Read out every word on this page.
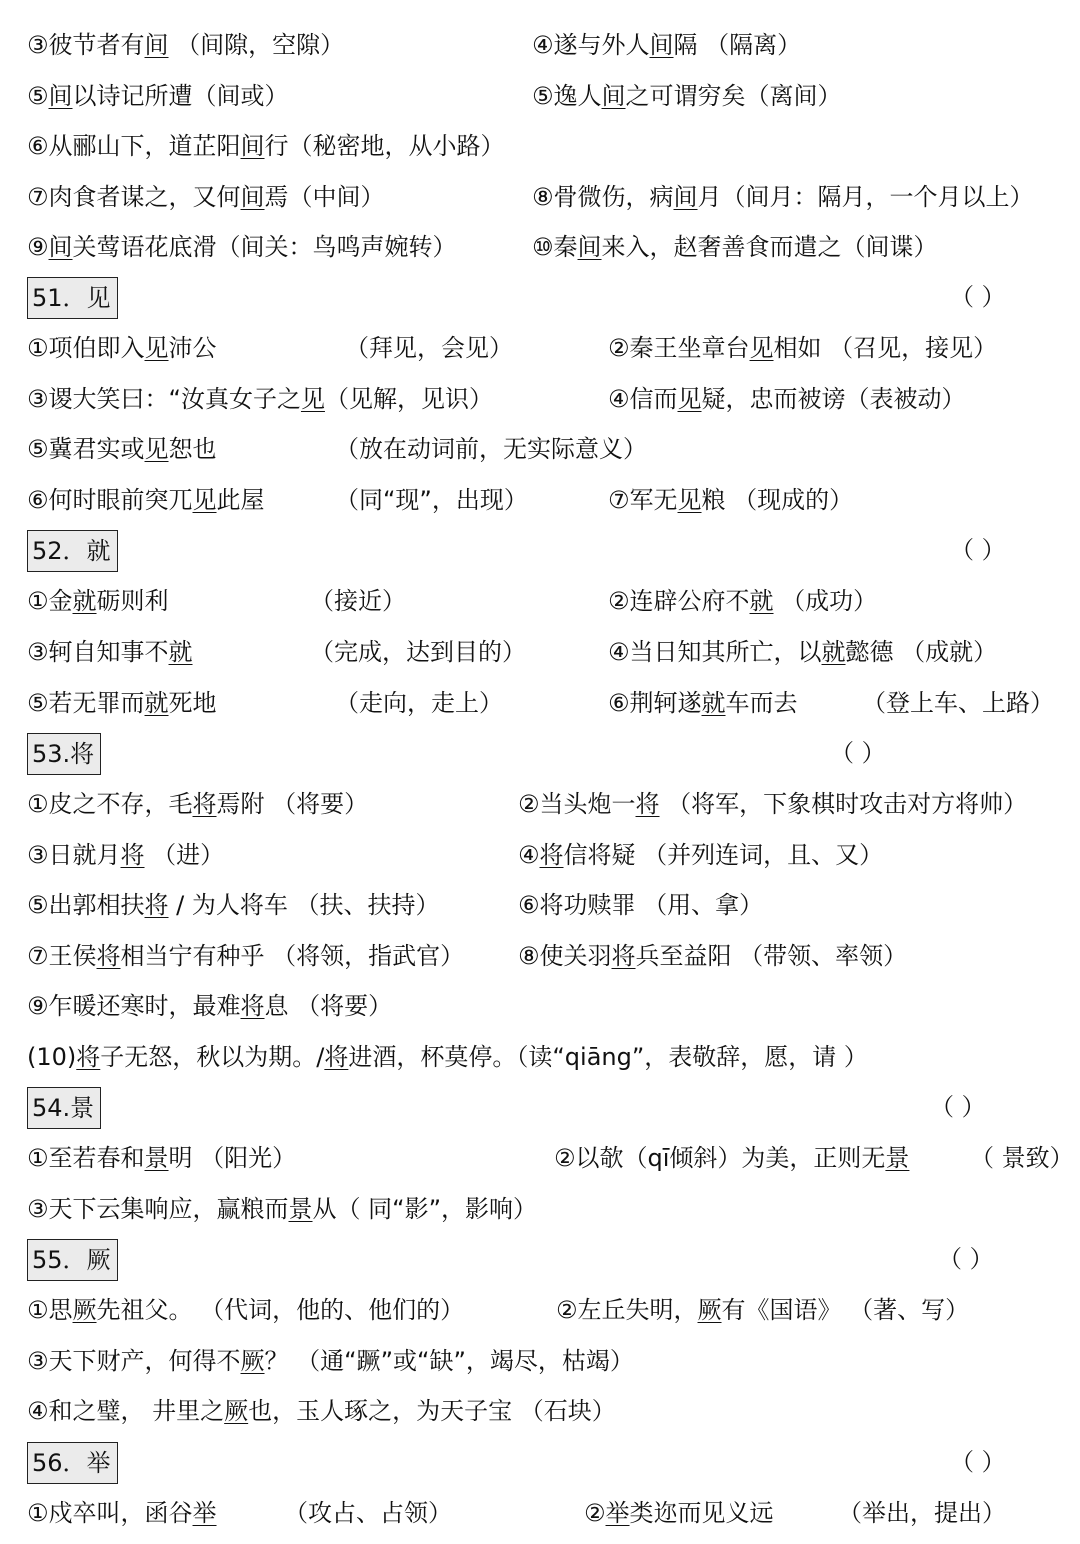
③彼节者有间 （间隙，空隙）	④遂与外人间隔 （隔离）
⑤间以诗记所遭（间或）	⑤逸人间之可谓穷矣（离间）
⑥从郦山下，道芷阳间行（秘密地，从小路）
⑦肉食者谋之，又何间焉（中间）	⑧骨微伤，病间月（间月：隔月，一个月以上）
⑨间关莺语花底滑（间关：鸟鸣声婉转）	⑩秦间来入，赵奢善食而遣之（间谍）
51．见	（ ）
①项伯即入见沛公	（拜见，会见）	②秦王坐章台见相如 （召见，接见）
③谡大笑曰：“汝真女子之见（见解，见识）	④信而见疑，忠而被谤（表被动）
⑤冀君实或见恕也	（放在动词前，无实际意义）
⑥何时眼前突兀见此屋	（同“现”，出现）	⑦军无见粮 （现成的）
52．就	（ ）
①金就砺则利	（接近）	②连辟公府不就 （成功）
③轲自知事不就	（完成，达到目的）	④当日知其所亡，以就懿德 （成就）
⑤若无罪而就死地	（走向，走上）	⑥荆轲遂就车而去	（登上车、上路）
53.将	（ ）
①皮之不存，毛将焉附 （将要）	②当头炮一将 （将军，下象棋时攻击对方将帅）
③日就月将 （进）	④将信将疑 （并列连词，且、又）
⑤出郭相扶将 / 为人将车 （扶、扶持）	⑥将功赎罪 （用、拿）
⑦王侯将相当宁有种乎 （将领，指武官） ⑧使关羽将兵至益阳 （带领、率领）
⑨乍暖还寒时，最难将息 （将要）
(10)将子无怒，秋以为期。/将进酒，杯莫停。（读“qiāng”，表敬辞，愿，请 ）
54.景	（ ）
①至若春和景明 （阳光）	②以欹（qī倾斜）为美，正则无景	（ 景致）
③天下云集响应，赢粮而景从（ 同“影”，影响）
55．厥	（ ）
①思厥先祖父。 （代词，他的、他们的）	②左丘失明，厥有《国语》 （著、写）
③天下财产，何得不厥？ （通“蹶”或“缺”，竭尽，枯竭）
④和之璧， 井里之厥也，玉人琢之，为天子宝 （石块）
56．举	（ ）
①戍卒叫，函谷举	（攻占、占领）	②举类迩而见义远	（举出，提出）
